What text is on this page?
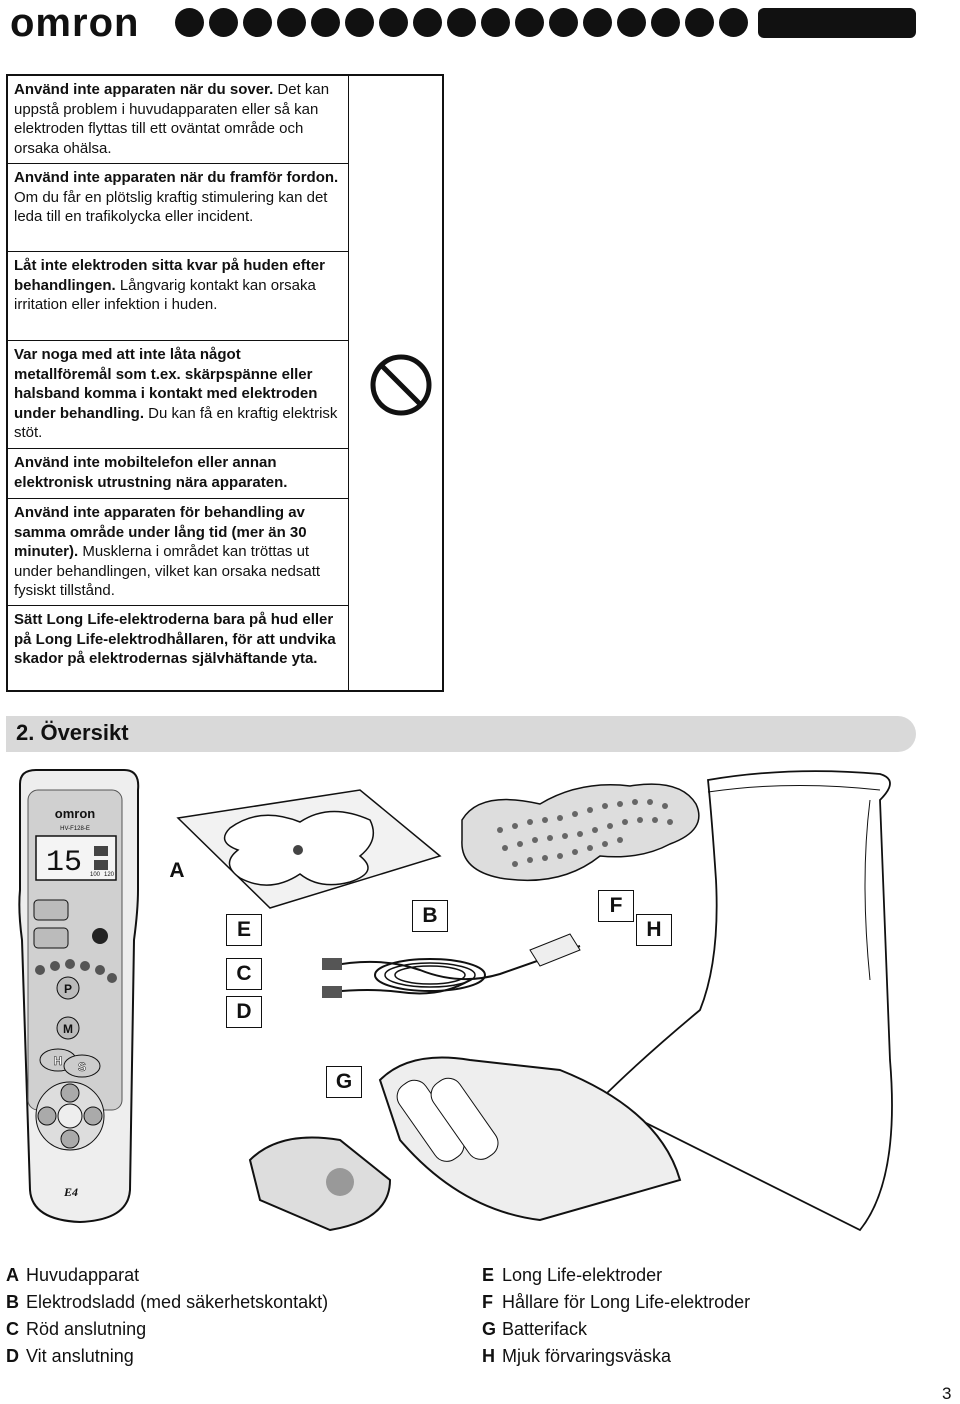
omron
Använd inte apparaten när du sover. Det kan uppstå problem i huvudapparaten eller så kan elektroden flyttas till ett oväntat område och orsaka ohälsa.
Använd inte apparaten när du framför fordon. Om du får en plötslig kraftig stimulering kan det leda till en trafikolycka eller incident.
Låt inte elektroden sitta kvar på huden efter behandlingen. Långvarig kontakt kan orsaka irritation eller infektion i huden.
Var noga med att inte låta något metallföremål som t.ex. skärpspänne eller halsband komma i kontakt med elektroden under behandling. Du kan få en kraftig elektrisk stöt.
Använd inte mobiltelefon eller annan elektronisk utrustning nära apparaten.
Använd inte apparaten för behandling av samma område under lång tid (mer än 30 minuter). Musklerna i området kan tröttas ut under behandlingen, vilket kan orsaka nedsatt fysiskt tillstånd.
Sätt Long Life-elektroderna bara på hud eller på Long Life-elektrodhållaren, för att undvika skador på elektrodernas självhäftande yta.
2. Översikt
omron
HV-F128-E
15 100 120
P
M
H S
E4
A
E
B	F
H
C
D
G
A Huvudapparat
B Elektrodsladd (med säkerhetskontakt)
C Röd anslutning
D Vit anslutning
E Long Life-elektroder
F Hållare för Long Life-elektroder
G Batterifack
H Mjuk förvaringsväska
3
